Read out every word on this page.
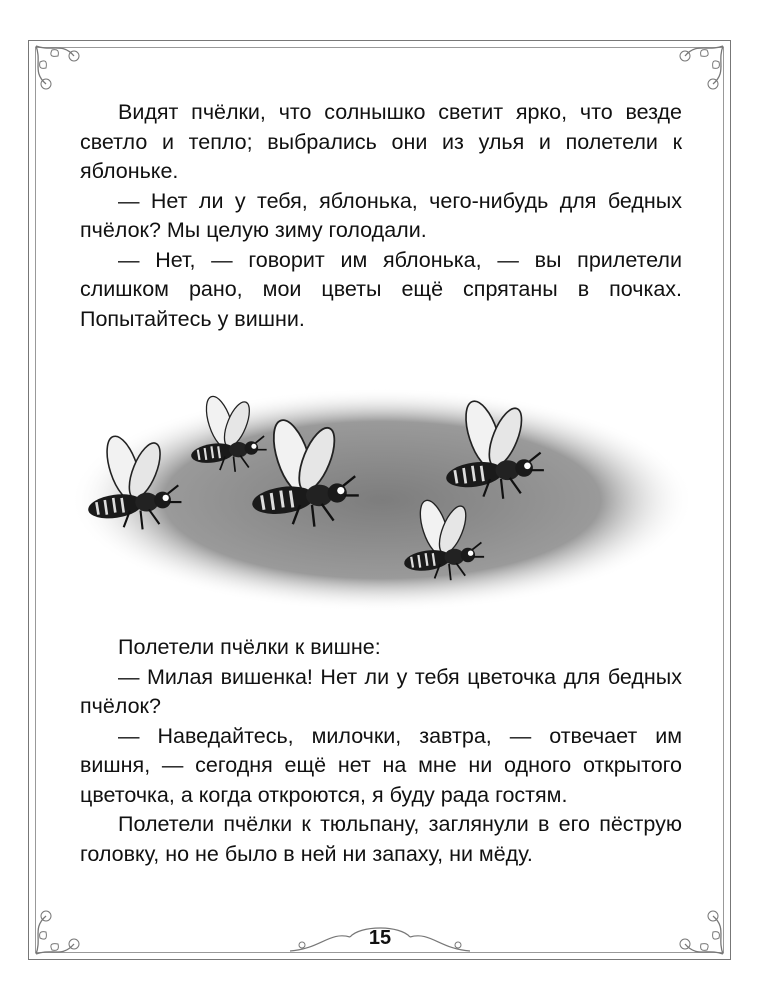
Видят пчёлки, что солнышко светит ярко, что везде светло и тепло; выбрались они из улья и полетели к яблоньке.

— Нет ли у тебя, яблонька, чего-нибудь для бедных пчёлок? Мы целую зиму голодали.

— Нет, — говорит им яблонька, — вы прилетели слишком рано, мои цветы ещё спрятаны в почках. Попытайтесь у вишни.

Полетели пчёлки к вишне:

— Милая вишенка! Нет ли у тебя цветочка для бедных пчёлок?

— Наведайтесь, милочки, завтра, — отвечает им вишня, — сегодня ещё нет на мне ни одного открытого цветочка, а когда откроются, я буду рада гостям.

Полетели пчёлки к тюльпану, заглянули в его пёструю головку, но не было в ней ни запаху, ни мёду.

15
